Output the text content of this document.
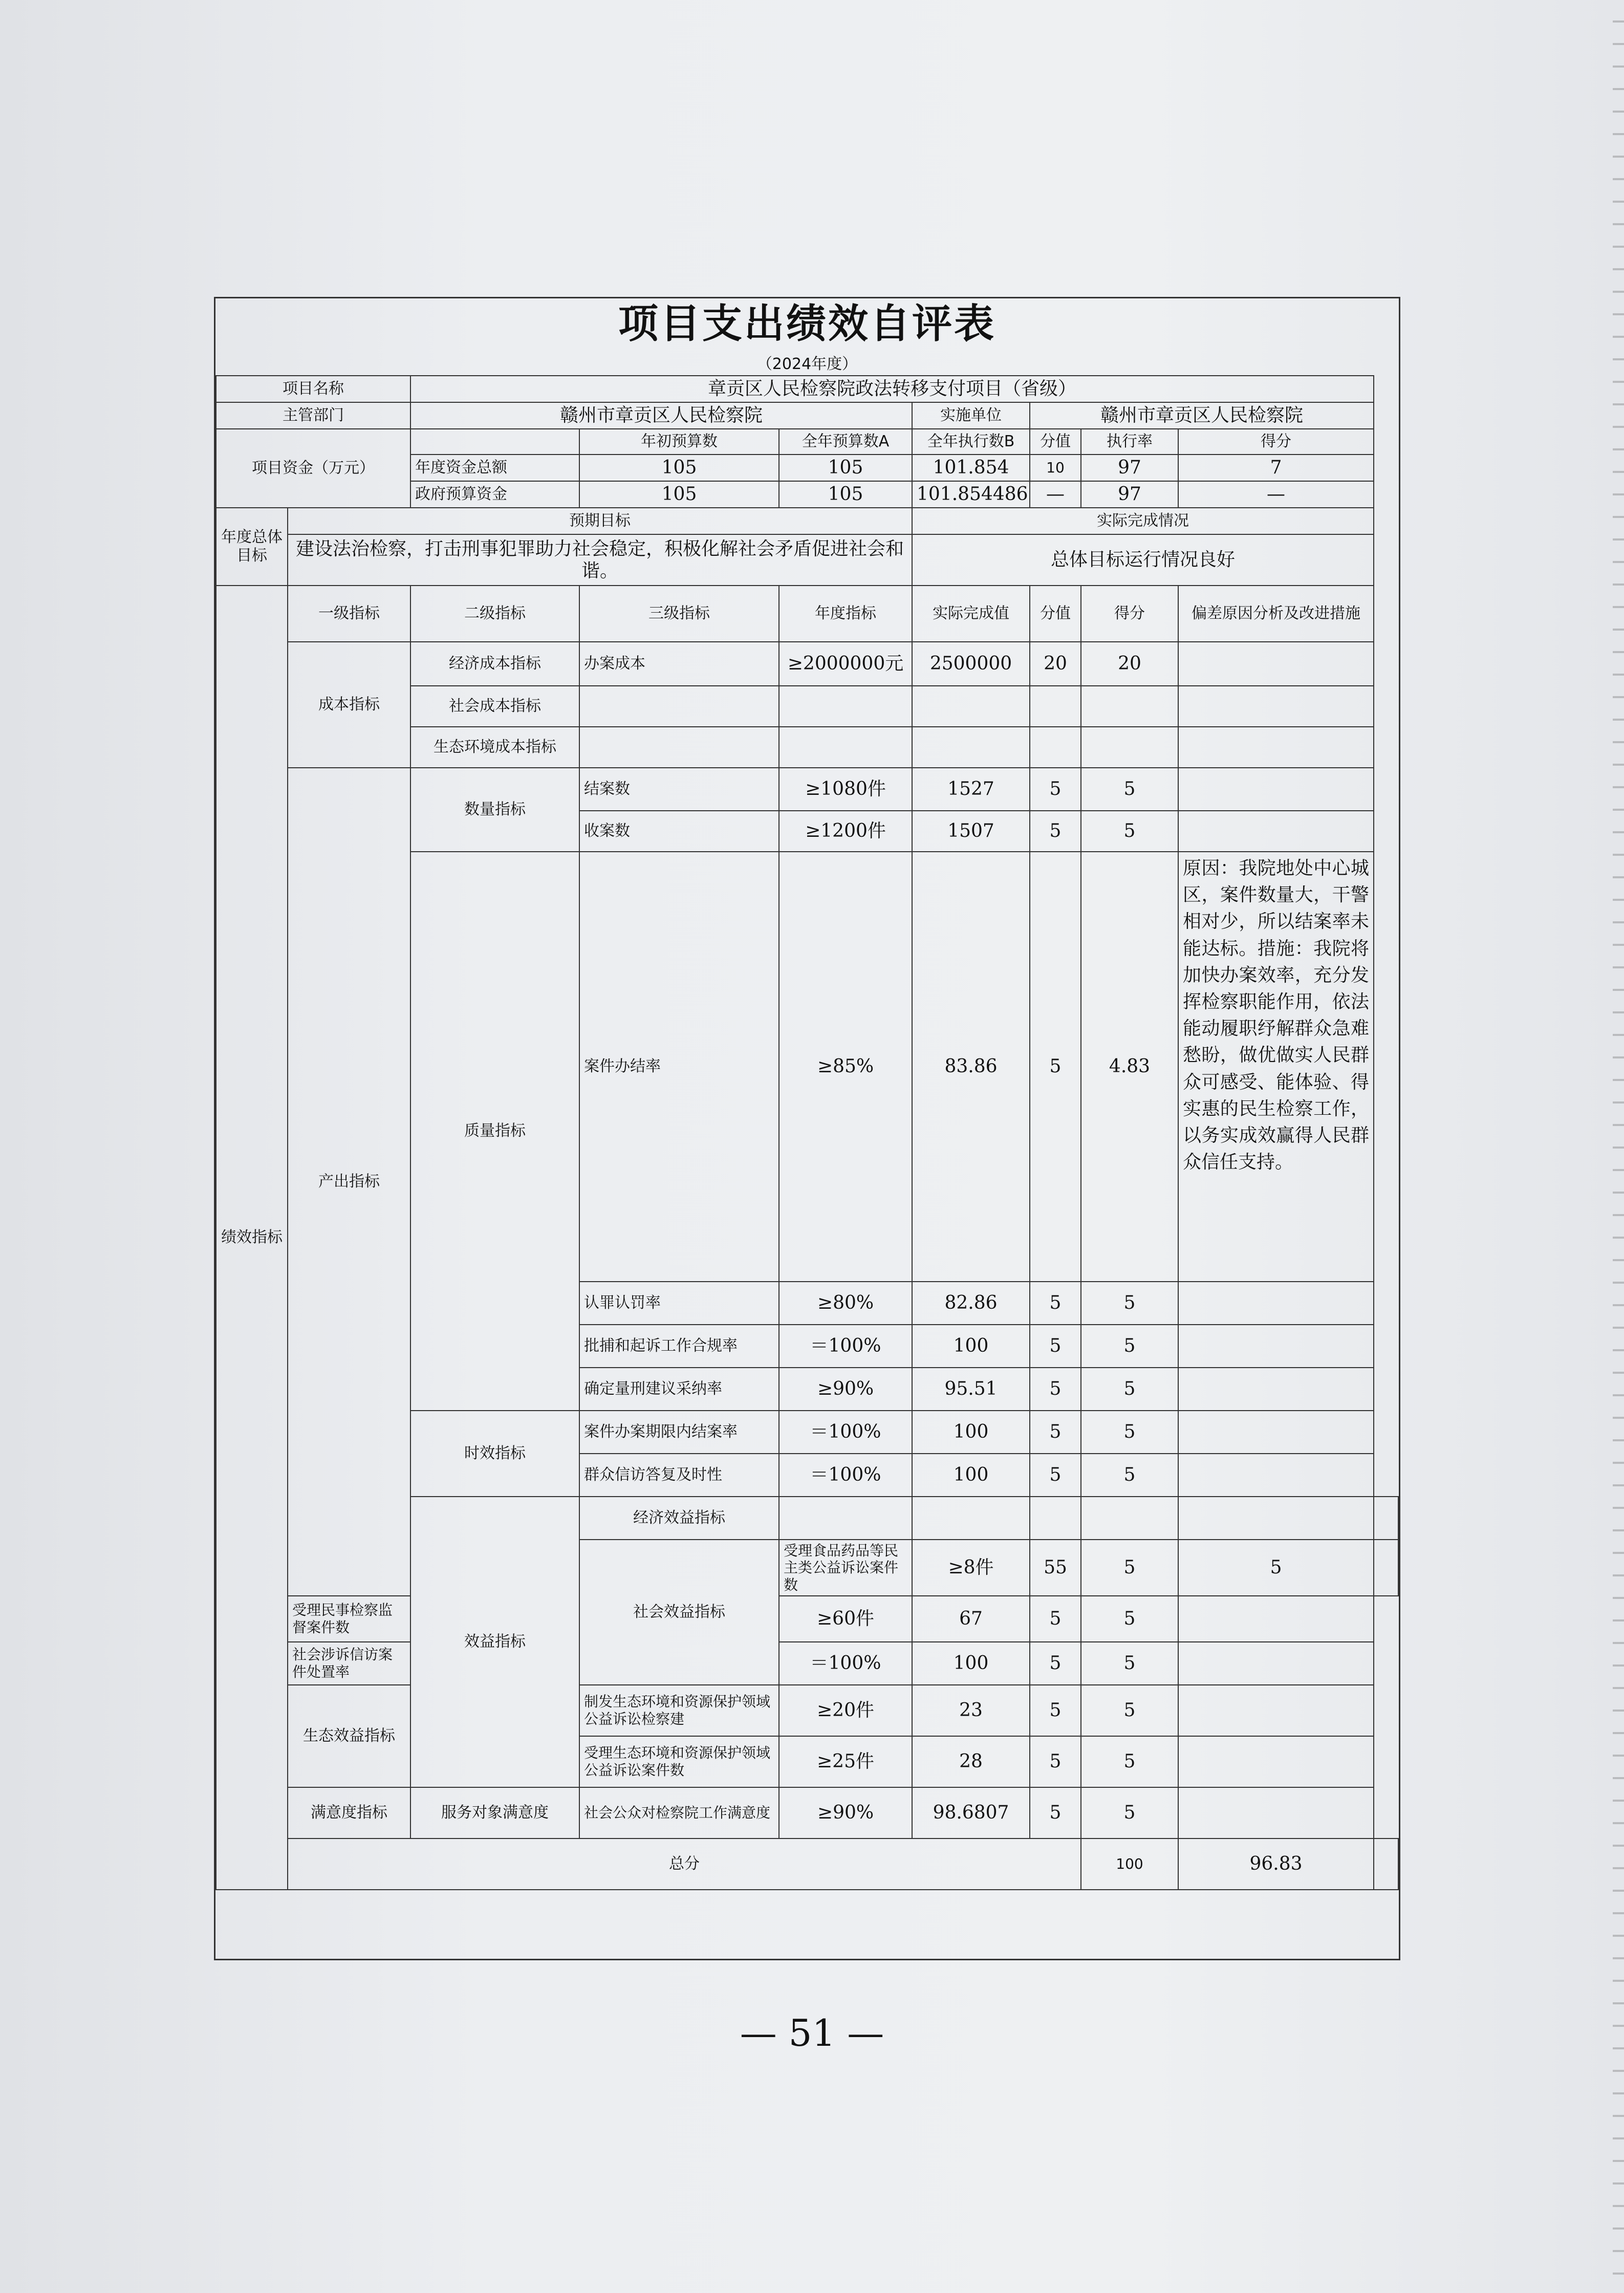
项目支出绩效自评表
（2024年度）
项目名称		章贡区人民检察院政法转移支付项目（省级）							
主管部门		赣州市章贡区人民检察院			实施单位	赣州市章贡区人民检察院			
项目资金（万元）			年初预算数	全年预算数A	全年执行数B	分值	执行率	得分	
		年度资金总额	105	105	101.854	10	97	7	
		政府预算资金	105	105	101.854486	—	97	—	
年度总体目标	预期目标				实际完成情况				
	建设法治检察，打击刑事犯罪助力社会稳定，积极化解社会矛盾促进社会和谐。				总体目标运行情况良好				
绩效指标	一级指标	二级指标	三级指标	年度指标	实际完成值	分值	得分	偏差原因分析及改进措施	
	成本指标	经济成本指标	办案成本	≥2000000元	2500000	20	20		
		社会成本指标							
		生态环境成本指标							
	产出指标	数量指标	结案数	≥1080件	1527	5	5		
			收案数	≥1200件	1507	5	5		
		质量指标	案件办结率	≥85%	83.86	5	4.83	原因：我院地处中心城区，案件数量大，干警相对少，所以结案率未能达标。措施：我院将加快办案效率，充分发挥检察职能作用，依法能动履职纾解群众急难愁盼，做优做实人民群众可感受、能体验、得实惠的民生检察工作，以务实成效赢得人民群众信任支持。	
			认罪认罚率	≥80%	82.86	5	5		
			批捕和起诉工作合规率	＝100%	100	5	5		
			确定量刑建议采纳率	≥90%	95.51	5	5		
		时效指标	案件办案期限内结案率	＝100%	100	5	5		
			群众信访答复及时性	＝100%	100	5	5		
		效益指标	经济效益指标						
			社会效益指标	受理食品药品等民主类公益诉讼案件数	≥8件	55	5	5	
	受理民事检察监督案件数			≥60件	67	5	5		
	社会涉诉信访案件处置率			＝100%	100	5	5		
	生态效益指标		制发生态环境和资源保护领域公益诉讼检察建	≥20件	23	5	5		
			受理生态环境和资源保护领域公益诉讼案件数	≥25件	28	5	5		
	满意度指标	服务对象满意度	社会公众对检察院工作满意度	≥90%	98.6807	5	5		
	总分						100	96.83	
— 51 —
